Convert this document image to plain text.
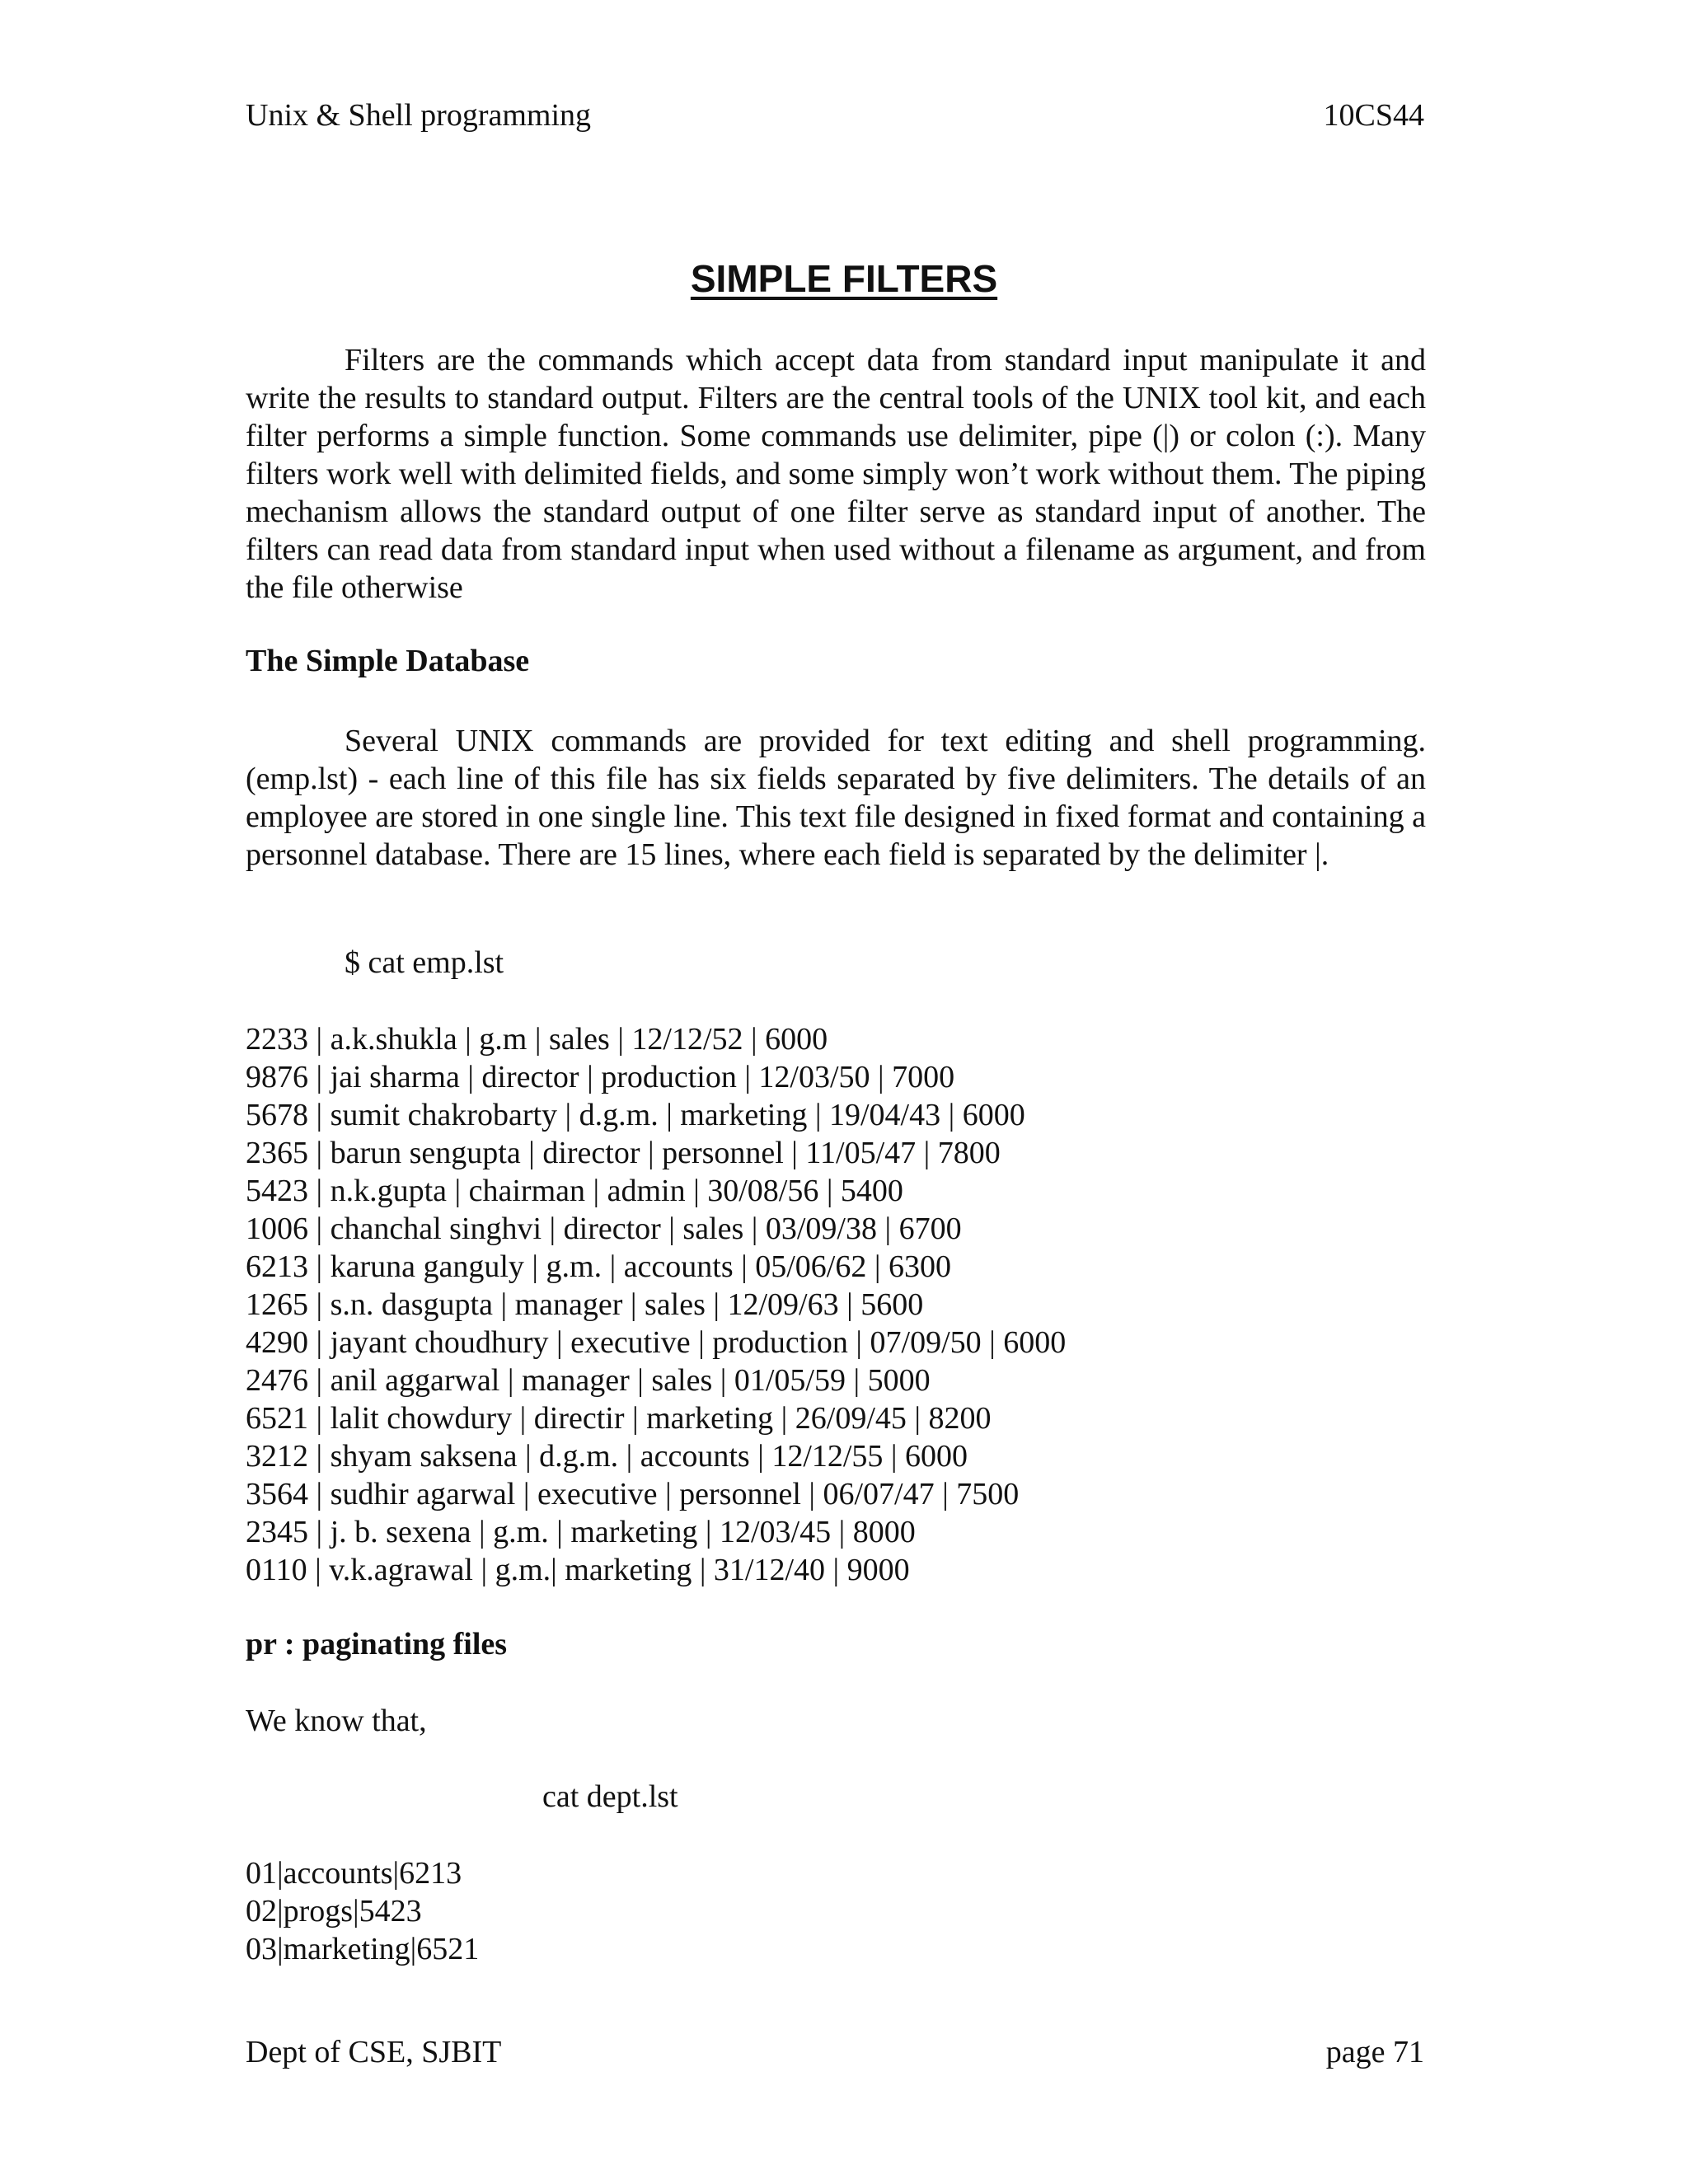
Unix & Shell programming	10CS44
SIMPLE FILTERS

Filters are the commands which accept data from standard input manipulate it and write the results to standard output. Filters are the central tools of the UNIX tool kit, and each filter performs a simple function. Some commands use delimiter, pipe (|) or colon (:). Many filters work well with delimited fields, and some simply won’t work without them. The piping mechanism allows the standard output of one filter serve as standard input of another. The filters can read data from standard input when used without a filename as argument, and from the file otherwise

The Simple Database

Several UNIX commands are provided for text editing and shell programming. (emp.lst) - each line of this file has six fields separated by five delimiters. The details of an employee are stored in one single line. This text file designed in fixed format and containing a personnel database. There are 15 lines, where each field is separated by the delimiter |.

$ cat emp.lst
2233 | a.k.shukla | g.m | sales | 12/12/52 | 6000
9876 | jai sharma | director | production | 12/03/50 | 7000
5678 | sumit chakrobarty | d.g.m. | marketing | 19/04/43 | 6000
2365 | barun sengupta | director | personnel | 11/05/47 | 7800
5423 | n.k.gupta | chairman | admin | 30/08/56 | 5400
1006 | chanchal singhvi | director | sales | 03/09/38 | 6700
6213 | karuna ganguly | g.m. | accounts | 05/06/62 | 6300
1265 | s.n. dasgupta | manager | sales | 12/09/63 | 5600
4290 | jayant choudhury | executive | production | 07/09/50 | 6000
2476 | anil aggarwal | manager | sales | 01/05/59 | 5000
6521 | lalit chowdury | directir | marketing | 26/09/45 | 8200
3212 | shyam saksena | d.g.m. | accounts | 12/12/55 | 6000
3564 | sudhir agarwal | executive | personnel | 06/07/47 | 7500
2345 | j. b. sexena | g.m. | marketing | 12/03/45 | 8000
0110 | v.k.agrawal | g.m.| marketing | 31/12/40 | 9000
pr : paginating files
We know that,
cat dept.lst
01|accounts|6213
02|progs|5423
03|marketing|6521
Dept of CSE, SJBIT	page 71
